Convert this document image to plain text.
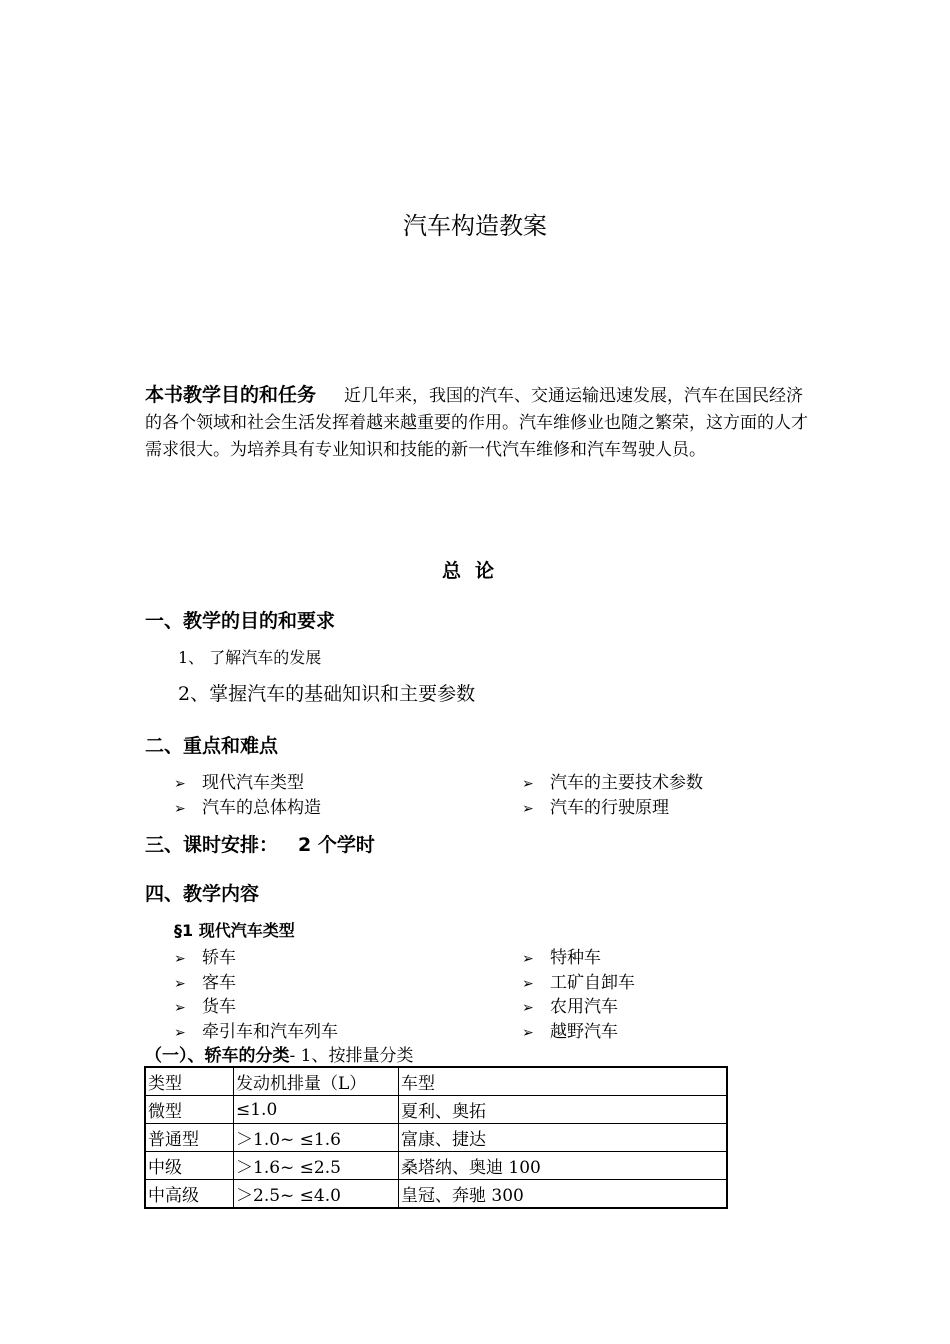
汽车构造教案
本书教学目的和任务 近几年来，我国的汽车、交通运输迅速发展，汽车在国民经济的各个领域和社会生活发挥着越来越重要的作用。汽车维修业也随之繁荣，这方面的人才需求很大。为培养具有专业知识和技能的新一代汽车维修和汽车驾驶人员。
总论
一、教学的目的和要求
1、 了解汽车的发展
2、掌握汽车的基础知识和主要参数
二、重点和难点
➢ 现代汽车类型
➢ 汽车的总体构造
➢ 汽车的主要技术参数
➢ 汽车的行驶原理
三、课时安排： 2 个学时
四、教学内容
§1 现代汽车类型
➢ 轿车
➢ 客车
➢ 货车
➢ 牵引车和汽车列车
➢ 特种车
➢ 工矿自卸车
➢ 农用汽车
➢ 越野汽车
（一）、轿车的分类- 1、按排量分类
类型	发动机排量（L）	车型
微型	≤1.0	夏利、奥拓
普通型	＞1.0~ ≤1.6	富康、捷达
中级	＞1.6~ ≤2.5	桑塔纳、奥迪 100
中高级	＞2.5~ ≤4.0	皇冠、奔驰 300
